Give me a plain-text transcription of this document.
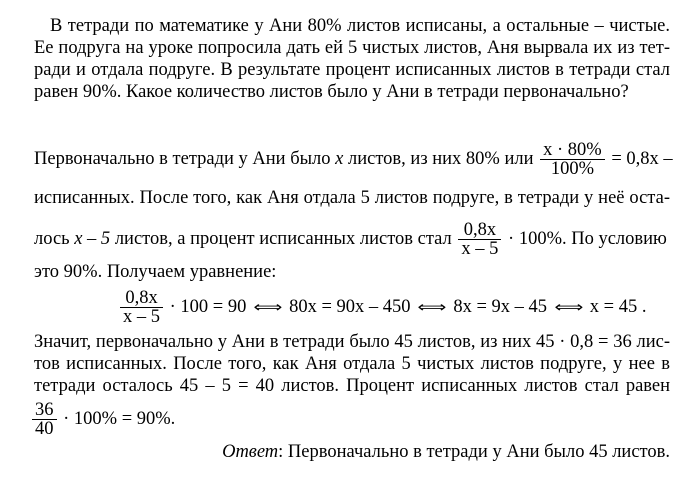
В тетради по математике у Ани 80% листов исписаны, а остальные – чистые.
Ее подруга на уроке попросила дать ей 5 чистых листов, Аня вырвала их из тет-
ради и отдала подруге. В результате процент исписанных листов в тетради стал
равен 90%. Какое количество листов было у Ани в тетради первоначально?
Первоначально в тетради у Ани было x листов, из них 80% или $\frac{x \cdot 80\%}{100\%} = 0,8x$ –
исписанных. После того, как Аня отдала 5 листов подруге, в тетради у неё оста-
лось x – 5 листов, а процент исписанных листов стал $\frac{0,8x}{x - 5} \cdot 100\%$. По условию
это 90%. Получаем уравнение:
$\frac{0,8x}{x - 5} \cdot 100 = 90$ ⟺ 80x = 90x – 450 ⟺ 8x = 9x – 45 ⟺ x = 45 .
Значит, первоначально у Ани в тетради было 45 листов, из них 45 · 0,8 = 36 лис-
тов исписанных. После того, как Аня отдала 5 чистых листов подруге, у нее в
тетради осталось 45 – 5 = 40 листов. Процент исписанных листов стал равен
$\frac{36}{40} \cdot 100\% = 90\%$.
Ответ: Первоначально в тетради у Ани было 45 листов.
